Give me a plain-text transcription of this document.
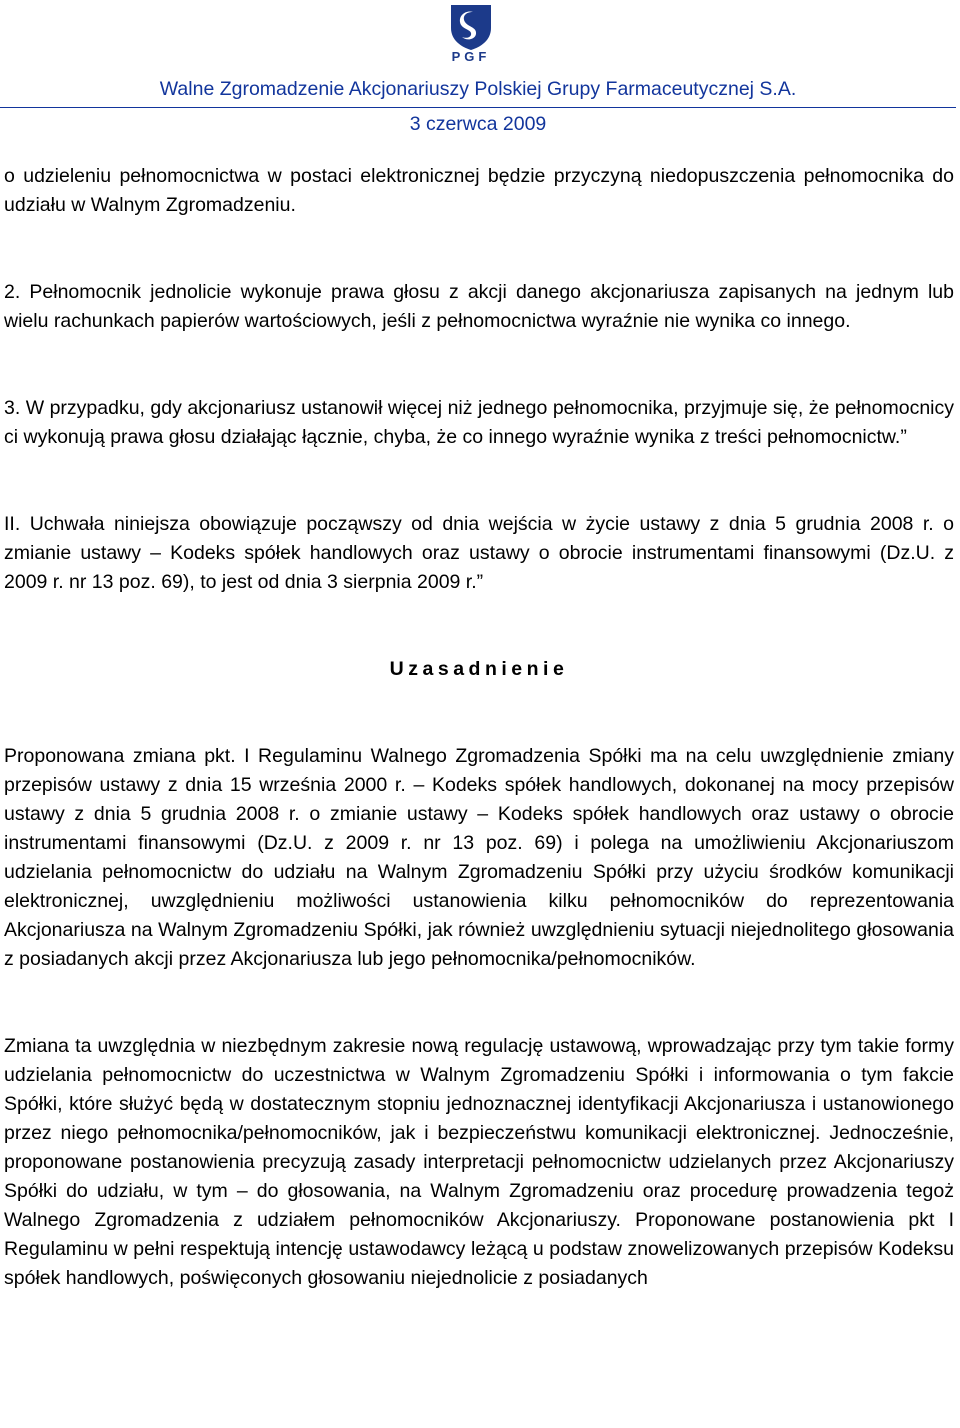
PGF
Walne Zgromadzenie Akcjonariuszy Polskiej Grupy Farmaceutycznej S.A.
3 czerwca 2009

o udzieleniu pełnomocnictwa w postaci elektronicznej będzie przyczyną niedopuszczenia pełnomocnika do udziału w Walnym Zgromadzeniu.

2. Pełnomocnik jednolicie wykonuje prawa głosu z akcji danego akcjonariusza zapisanych na jednym lub wielu rachunkach papierów wartościowych, jeśli z pełnomocnictwa wyraźnie nie wynika co innego.

3. W przypadku, gdy akcjonariusz ustanowił więcej niż jednego pełnomocnika, przyjmuje się, że pełnomocnicy ci wykonują prawa głosu działając łącznie, chyba, że co innego wyraźnie wynika z treści pełnomocnictw.”

II. Uchwała niniejsza obowiązuje począwszy od dnia wejścia w życie ustawy z dnia 5 grudnia 2008 r. o zmianie ustawy – Kodeks spółek handlowych oraz ustawy o obrocie instrumentami finansowymi (Dz.U. z 2009 r. nr 13 poz. 69), to jest od dnia 3 sierpnia 2009 r.”

Uzasadnienie

Proponowana zmiana pkt. I Regulaminu Walnego Zgromadzenia Spółki ma na celu uwzględnienie zmiany przepisów ustawy z dnia 15 września 2000 r. – Kodeks spółek handlowych, dokonanej na mocy przepisów ustawy z dnia 5 grudnia 2008 r. o zmianie ustawy – Kodeks spółek handlowych oraz ustawy o obrocie instrumentami finansowymi (Dz.U. z 2009 r. nr 13 poz. 69) i polega na umożliwieniu Akcjonariuszom udzielania pełnomocnictw do udziału na Walnym Zgromadzeniu Spółki przy użyciu środków komunikacji elektronicznej, uwzględnieniu możliwości ustanowienia kilku pełnomocników do reprezentowania Akcjonariusza na Walnym Zgromadzeniu Spółki, jak również uwzględnieniu sytuacji niejednolitego głosowania z posiadanych akcji przez Akcjonariusza lub jego pełnomocnika/pełnomocników.

Zmiana ta uwzględnia w niezbędnym zakresie nową regulację ustawową, wprowadzając przy tym takie formy udzielania pełnomocnictw do uczestnictwa w Walnym Zgromadzeniu Spółki i informowania o tym fakcie Spółki, które służyć będą w dostatecznym stopniu jednoznacznej identyfikacji Akcjonariusza i ustanowionego przez niego pełnomocnika/pełnomocników, jak i bezpieczeństwu komunikacji elektronicznej. Jednocześnie, proponowane postanowienia precyzują zasady interpretacji pełnomocnictw udzielanych przez Akcjonariuszy Spółki do udziału, w tym – do głosowania, na Walnym Zgromadzeniu oraz procedurę prowadzenia tegoż Walnego Zgromadzenia z udziałem pełnomocników Akcjonariuszy. Proponowane postanowienia pkt I Regulaminu w pełni respektują intencję ustawodawcy leżącą u podstaw znowelizowanych przepisów Kodeksu spółek handlowych, poświęconych głosowaniu niejednolicie z posiadanych
